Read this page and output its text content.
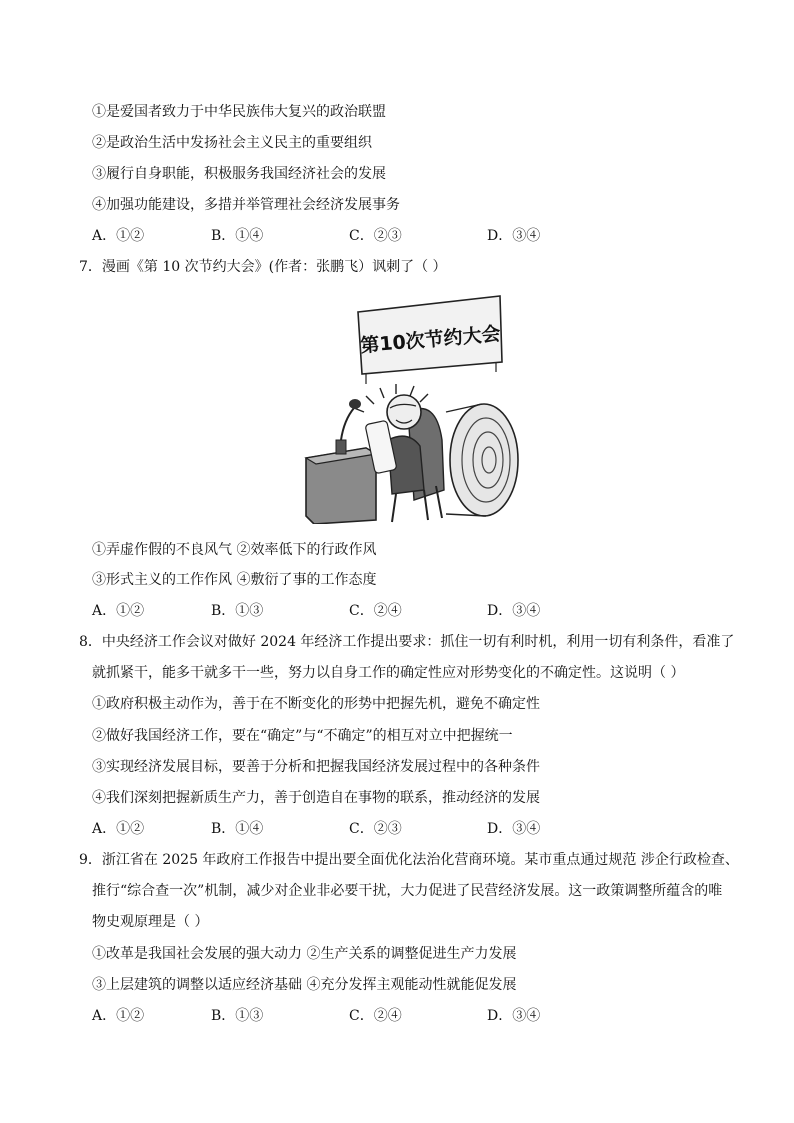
①是爱国者致力于中华民族伟大复兴的政治联盟
②是政治生活中发扬社会主义民主的重要组织
③履行自身职能，积极服务我国经济社会的发展
④加强功能建设，多措并举管理社会经济发展事务
A．①②	B．①④	C．②③	D．③④
7．漫画《第 10 次节约大会》(作者：张鹏飞）讽刺了（ ）
第10次节约大会
①弄虚作假的不良风气 ②效率低下的行政作风
③形式主义的工作作风 ④敷衍了事的工作态度
A．①②	B．①③	C．②④	D．③④
8．中央经济工作会议对做好 2024 年经济工作提出要求：抓住一切有利时机，利用一切有利条件，看准了
就抓紧干，能多干就多干一些，努力以自身工作的确定性应对形势变化的不确定性。这说明（ ）
①政府积极主动作为，善于在不断变化的形势中把握先机，避免不确定性
②做好我国经济工作，要在“确定”与“不确定”的相互对立中把握统一
③实现经济发展目标，要善于分析和把握我国经济发展过程中的各种条件
④我们深刻把握新质生产力，善于创造自在事物的联系，推动经济的发展
A．①②	B．①④	C．②③	D．③④
9．浙江省在 2025 年政府工作报告中提出要全面优化法治化营商环境。某市重点通过规范 涉企行政检查、
推行“综合查一次”机制，减少对企业非必要干扰，大力促进了民营经济发展。这一政策调整所蕴含的唯
物史观原理是（ ）
①改革是我国社会发展的强大动力 ②生产关系的调整促进生产力发展
③上层建筑的调整以适应经济基础 ④充分发挥主观能动性就能促发展
A．①②	B．①③	C．②④	D．③④
